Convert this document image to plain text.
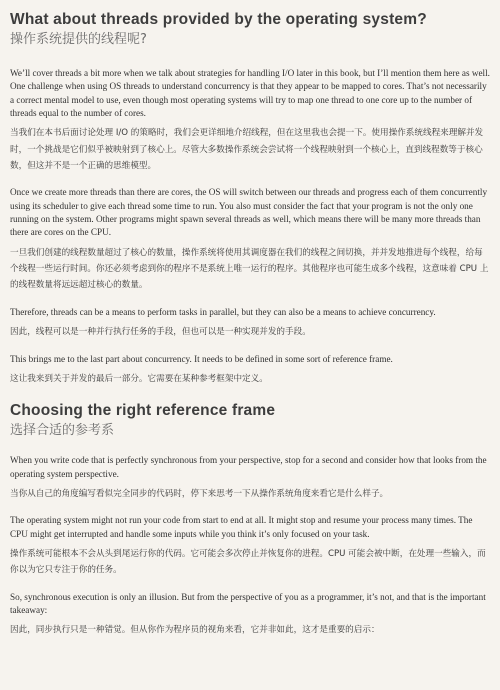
What about threads provided by the operating system?
操作系统提供的线程呢?

We’ll cover threads a bit more when we talk about strategies for handling I/O later in this book, but I’ll mention them here as well. One challenge when using OS threads to understand concurrency is that they appear to be mapped to cores. That’s not necessarily a correct mental model to use, even though most operating systems will try to map one thread to one core up to the number of threads equal to the number of cores.

当我们在本书后面讨论处理 I/O 的策略时，我们会更详细地介绍线程，但在这里我也会提一下。使用操作系统线程来理解并发时，一个挑战是它们似乎被映射到了核心上。尽管大多数操作系统会尝试将一个线程映射到一个核心上，直到线程数等于核心数，但这并不是一个正确的思维模型。

Once we create more threads than there are cores, the OS will switch between our threads and progress each of them concurrently using its scheduler to give each thread some time to run. You also must consider the fact that your program is not the only one running on the system. Other programs might spawn several threads as well, which means there will be many more threads than there are cores on the CPU.

一旦我们创建的线程数量超过了核心的数量，操作系统将使用其调度器在我们的线程之间切换，并并发地推进每个线程，给每个线程一些运行时间。你还必须考虑到你的程序不是系统上唯一运行的程序。其他程序也可能生成多个线程，这意味着 CPU 上的线程数量将远远超过核心的数量。

Therefore, threads can be a means to perform tasks in parallel, but they can also be a means to achieve concurrency.

因此，线程可以是一种并行执行任务的手段，但也可以是一种实现并发的手段。

This brings me to the last part about concurrency. It needs to be defined in some sort of reference frame.

这让我来到关于并发的最后一部分。它需要在某种参考框架中定义。

Choosing the right reference frame
选择合适的参考系

When you write code that is perfectly synchronous from your perspective, stop for a second and consider how that looks from the operating system perspective.

当你从自己的角度编写看似完全同步的代码时，停下来思考一下从操作系统角度来看它是什么样子。

The operating system might not run your code from start to end at all. It might stop and resume your process many times. The CPU might get interrupted and handle some inputs while you think it’s only focused on your task.

操作系统可能根本不会从头到尾运行你的代码。它可能会多次停止并恢复你的进程。CPU 可能会被中断，在处理一些输入，而你以为它只专注于你的任务。

So, synchronous execution is only an illusion. But from the perspective of you as a programmer, it’s not, and that is the important takeaway:

因此，同步执行只是一种错觉。但从你作为程序员的视角来看，它并非如此，这才是重要的启示：
